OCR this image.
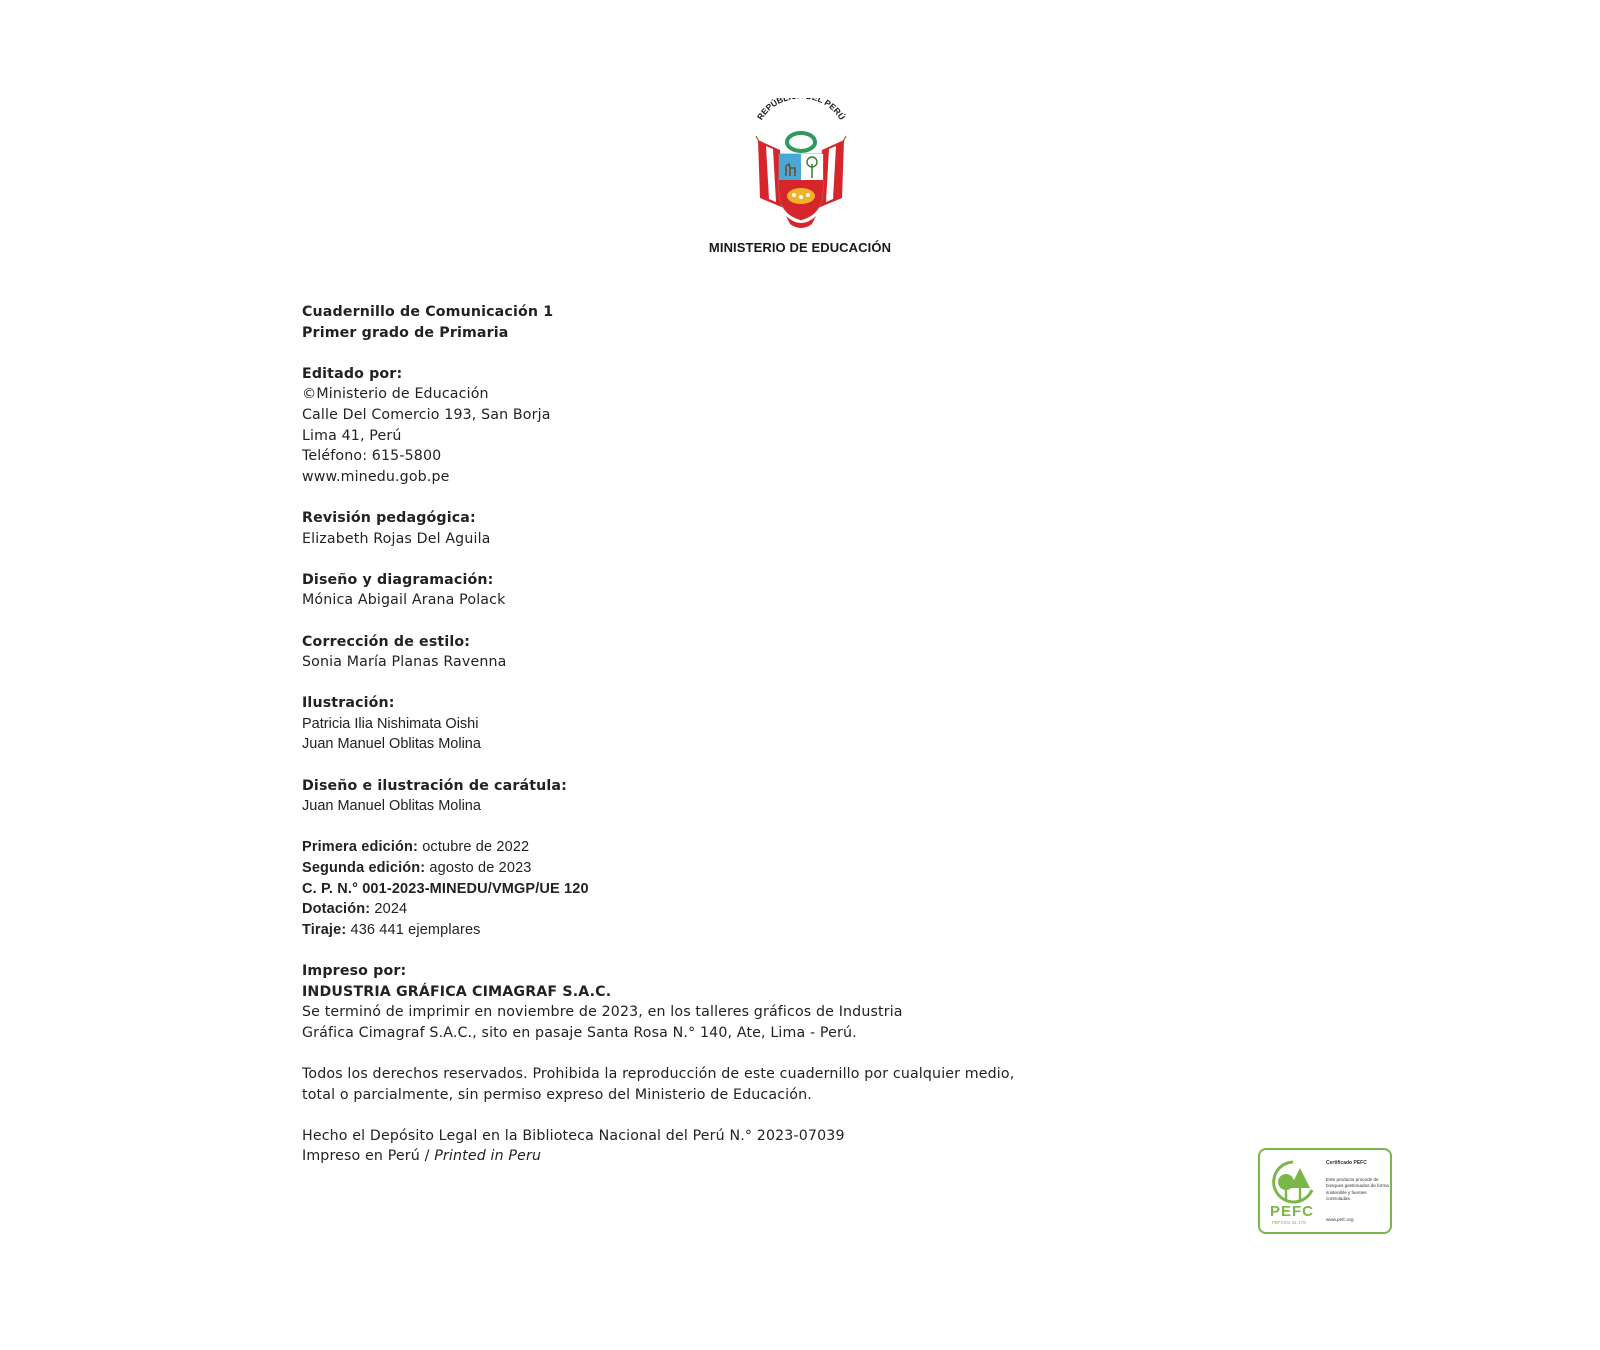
REPÚB L PERÚ
MINISTERIO DE EDUCACIÓN
Cuadernillo de Comunicación 1
Primer grado de Primaria
Editado por:
©Ministerio de Educación
Calle Del Comercio 193, San Borja
Lima 41, Perú
Teléfono: 615-5800
www.minedu.gob.pe
Revisión pedagógica:
Elizabeth Rojas Del Aguila
Diseño y diagramación:
Mónica Abigail Arana Polack
Corrección de estilo:
Sonia María Planas Ravenna
Ilustración:
Patricia Ilia Nishimata Oishi
Juan Manuel Oblitas Molina
Diseño e ilustración de carátula:
Juan Manuel Oblitas Molina
Primera edición: octubre de 2022
Segunda edición: agosto de 2023
C. P. N.° 001-2023-MINEDU/VMGP/UE 120
Dotación: 2024
Tiraje: 436 441 ejemplares
Impreso por:
INDUSTRIA GRÁFICA CIMAGRAF S.A.C.
Se terminó de imprimir en noviembre de 2023, en los talleres gráficos de Industria
Gráfica Cimagraf S.A.C., sito en pasaje Santa Rosa N.° 140, Ate, Lima - Perú.
Todos los derechos reservados. Prohibida la reproducción de este cuadernillo por cualquier medio,
total o parcialmente, sin permiso expreso del Ministerio de Educación.
Hecho el Depósito Legal en la Biblioteca Nacional del Perú N.° 2023-07039
Impreso en Perú / Printed in Peru
PEFC
PEFC/01-31-178
Certificado PEFC
Este producto procede de bosques gestionados de forma sostenible y fuentes controladas.
www.pefc.org
